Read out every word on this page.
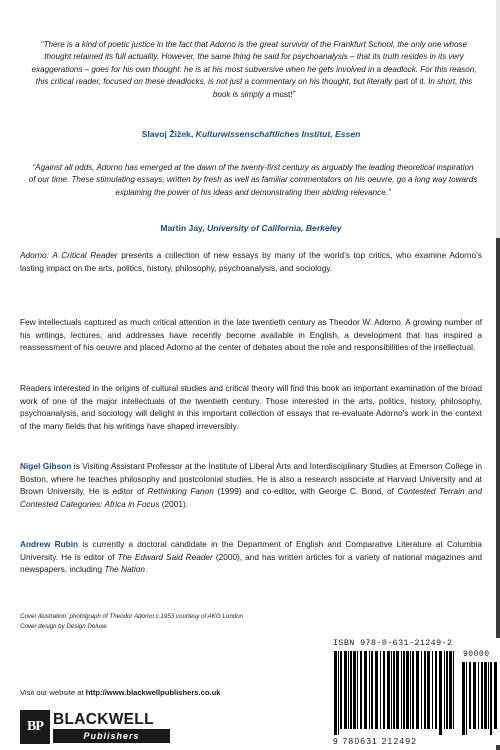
“There is a kind of poetic justice in the fact that Adorno is the great survivor of the Frankfurt School, the only one whose thought retained its full actuality. However, the same thing he said for psychoanalysis – that its truth resides in its very exaggerations – goes for his own thought: he is at his most subversive when he gets involved in a deadlock. For this reason, this critical reader, focused on these deadlocks, is not just a commentary on his thought, but literally part of it. In short, this book is simply a must!”

Slavoj Žižek, Kulturwissenschaftliches Institut, Essen

“Against all odds, Adorno has emerged at the dawn of the twenty-first century as arguably the leading theoretical inspiration of our time. These stimulating essays, written by fresh as well as familiar commentators on his oeuvre, go a long way towards explaining the power of his ideas and demonstrating their abiding relevance.”

Martin Jay, University of California, Berkeley

Adorno: A Critical Reader presents a collection of new essays by many of the world’s top critics, who examine Adorno’s lasting impact on the arts, politics, history, philosophy, psychoanalysis, and sociology.

Few intellectuals captured as much critical attention in the late twentieth century as Theodor W. Adorno. A growing number of his writings, lectures, and addresses have recently become available in English, a development that has inspired a reassessment of his oeuvre and placed Adorno at the center of debates about the role and responsibilities of the intellectual.

Readers interested in the origins of cultural studies and critical theory will find this book an important examination of the broad work of one of the major intellectuals of the twentieth century. Those interested in the arts, politics, history, philosophy, psychoanalysis, and sociology will delight in this important collection of essays that re-evaluate Adorno’s work in the context of the many fields that his writings have shaped irreversibly.

Nigel Gibson is Visiting Assistant Professor at the Institute of Liberal Arts and Interdisciplinary Studies at Emerson College in Boston, where he teaches philosophy and postcolonial studies. He is also a research associate at Harvard University and at Brown University. He is editor of Rethinking Fanon (1999) and co-editor, with George C. Bond, of Contested Terrain and Contested Categories: Africa in Focus (2001).

Andrew Rubin is currently a doctoral candidate in the Department of English and Comparative Literature at Columbia University. He is editor of The Edward Said Reader (2000), and has written articles for a variety of national magazines and newspapers, including The Nation.

Cover illustration: photograph of Theodor Adorno c.1953 courtesy of AKG London
Cover design by Design Deluxe

Visit our website at http://www.blackwellpublishers.co.uk

BP BLACKWELL
Publishers
ISBN 978-0-631-21249-2
90000
9 780631 212492
